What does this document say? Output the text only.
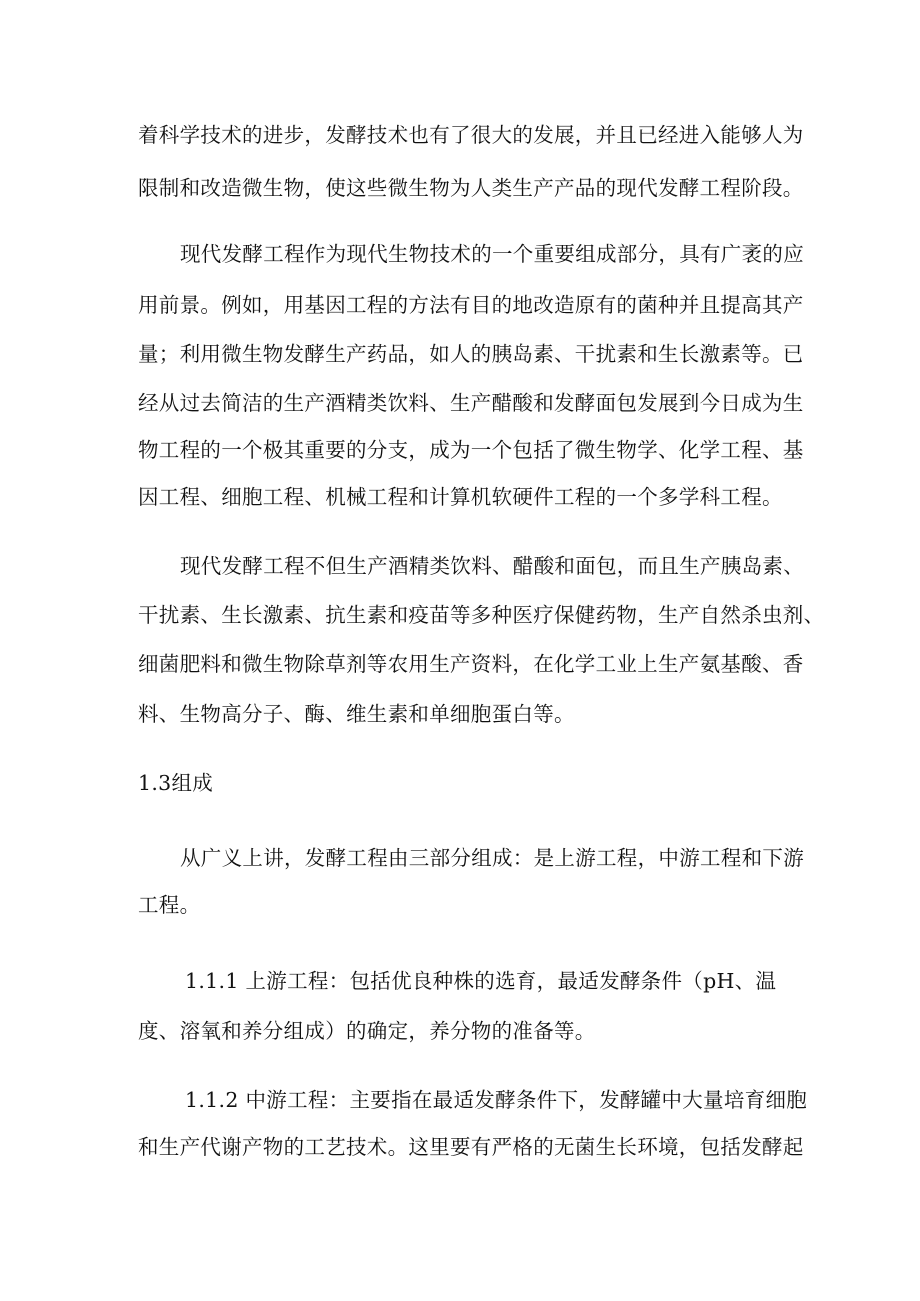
着科学技术的进步，发酵技术也有了很大的发展，并且已经进入能够人为
限制和改造微生物，使这些微生物为人类生产产品的现代发酵工程阶段。
现代发酵工程作为现代生物技术的一个重要组成部分，具有广袤的应
用前景。例如，用基因工程的方法有目的地改造原有的菌种并且提高其产
量；利用微生物发酵生产药品，如人的胰岛素、干扰素和生长激素等。已
经从过去简洁的生产酒精类饮料、生产醋酸和发酵面包发展到今日成为生
物工程的一个极其重要的分支，成为一个包括了微生物学、化学工程、基
因工程、细胞工程、机械工程和计算机软硬件工程的一个多学科工程。
现代发酵工程不但生产酒精类饮料、醋酸和面包，而且生产胰岛素、
干扰素、生长激素、抗生素和疫苗等多种医疗保健药物，生产自然杀虫剂、
细菌肥料和微生物除草剂等农用生产资料，在化学工业上生产氨基酸、香
料、生物高分子、酶、维生素和单细胞蛋白等。
1.3组成
从广义上讲，发酵工程由三部分组成：是上游工程，中游工程和下游
工程。
1.1.1 上游工程：包括优良种株的选育，最适发酵条件（pH、温
度、溶氧和养分组成）的确定，养分物的准备等。
1.1.2 中游工程：主要指在最适发酵条件下，发酵罐中大量培育细胞
和生产代谢产物的工艺技术。这里要有严格的无菌生长环境，包括发酵起
